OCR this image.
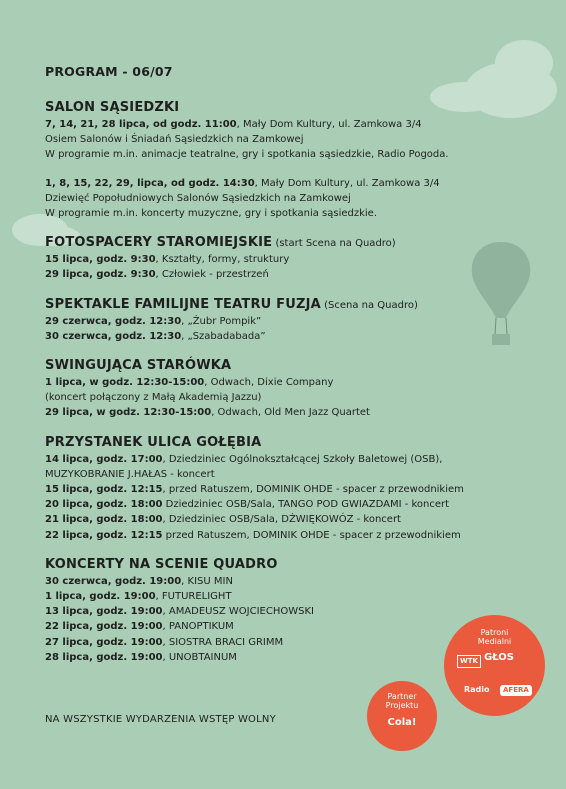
PROGRAM - 06/07
SALON SĄSIEDZKI
7, 14, 21, 28 lipca, od godz. 11:00, Mały Dom Kultury, ul. Zamkowa 3/4
Osiem Salonów i Śniadań Sąsiedzkich na Zamkowej
W programie m.in. animacje teatralne, gry i spotkania sąsiedzkie, Radio Pogoda.
1, 8, 15, 22, 29, lipca, od godz. 14:30, Mały Dom Kultury, ul. Zamkowa 3/4
Dziewięć Popołudniowych Salonów Sąsiedzkich na Zamkowej
W programie m.in. koncerty muzyczne, gry i spotkania sąsiedzkie.
FOTOSPACERY STAROMIEJSKIE (start Scena na Quadro)
15 lipca, godz. 9:30, Kształty, formy, struktury
29 lipca, godz. 9:30, Człowiek - przestrzeń
SPEKTAKLE FAMILIJNE TEATRU FUZJA (Scena na Quadro)
29 czerwca, godz. 12:30, „Żubr Pompik”
30 czerwca, godz. 12:30, „Szabadabada”
SWINGUJĄCA STARÓWKA
1 lipca, w godz. 12:30-15:00, Odwach, Dixie Company
(koncert połączony z Małą Akademią Jazzu)
29 lipca, w godz. 12:30-15:00, Odwach, Old Men Jazz Quartet
PRZYSTANEK ULICA GOŁĘBIA
14 lipca, godz. 17:00, Dziedziniec Ogólnokształcącej Szkoły Baletowej (OSB),
MUZYKOBRANIE J.HAŁAS - koncert
15 lipca, godz. 12:15, przed Ratuszem, DOMINIK OHDE - spacer z przewodnikiem
20 lipca, godz. 18:00 Dziedziniec OSB/Sala, TANGO POD GWIAZDAMI - koncert
21 lipca, godz. 18:00, Dziedziniec OSB/Sala, DŹWIĘKOWÓZ - koncert
22 lipca, godz. 12:15 przed Ratuszem, DOMINIK OHDE - spacer z przewodnikiem
KONCERTY NA SCENIE QUADRO
30 czerwca, godz. 19:00, KISU MIN
1 lipca, godz. 19:00, FUTURELIGHT
13 lipca, godz. 19:00, AMADEUSZ WOJCIECHOWSKI
22 lipca, godz. 19:00, PANOPTIKUM
27 lipca, godz. 19:00, SIOSTRA BRACI GRIMM
28 lipca, godz. 19:00, UNOBTAINUM
NA WSZYSTKIE WYDARZENIA WSTĘP WOLNY
Partner
Projektu
Cola!
Patroni
Medialni
WTK GŁOS
Radio	AFERA
